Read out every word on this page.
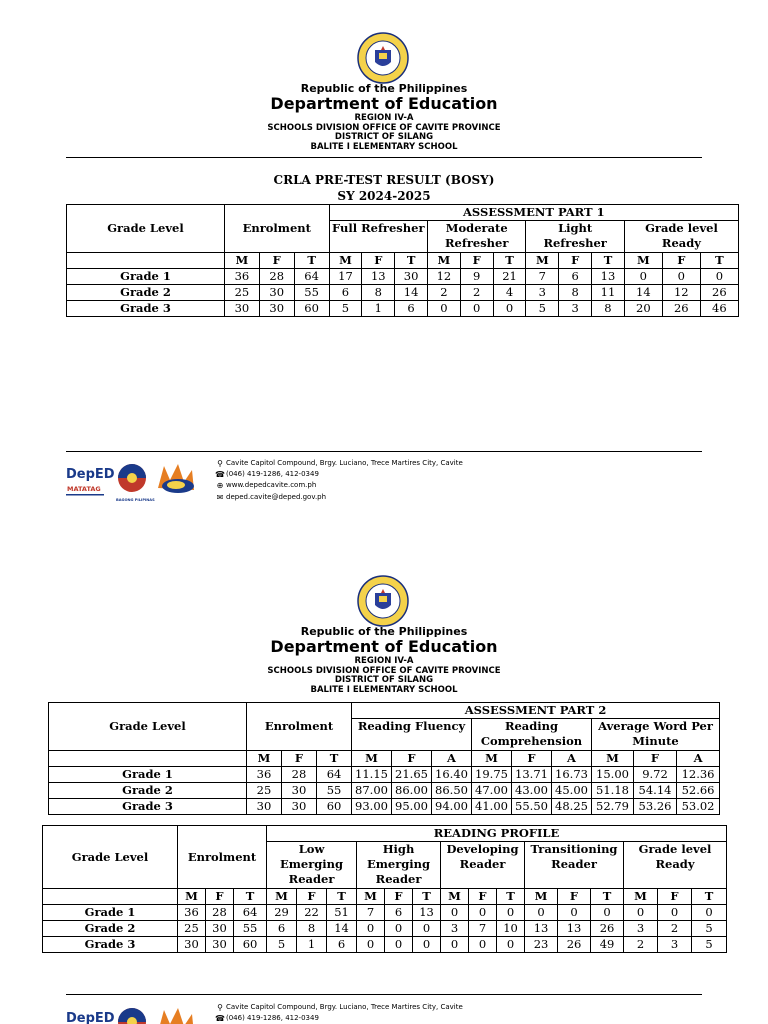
Republic of the Philippines
Department of Education
REGION IV-A
SCHOOLS DIVISION OFFICE OF CAVITE PROVINCE
DISTRICT OF SILANG
BALITE I ELEMENTARY SCHOOL
CRLA PRE-TEST RESULT (BOSY)
SY 2024-2025
Grade Level	Enrolment			ASSESSMENT PART 1											
				Full Refresher			Moderate Refresher			Light Refresher			Grade level Ready		
	M	F	T	M	F	T	M	F	T	M	F	T	M	F	T
Grade 1	36	28	64	17	13	30	12	9	21	7	6	13	0	0	0
Grade 2	25	30	55	6	8	14	2	2	4	3	8	11	14	12	26
Grade 3	30	30	60	5	1	6	0	0	0	5	3	8	20	26	46
DepED
MATATAG
BAGONG PILIPINAS
⚲ Cavite Capitol Compound, Brgy. Luciano, Trece Martires City, Cavite
☎ (046) 419-1286, 412-0349
⊕ www.depedcavite.com.ph
✉ deped.cavite@deped.gov.ph
Republic of the Philippines
Department of Education
REGION IV-A
SCHOOLS DIVISION OFFICE OF CAVITE PROVINCE
DISTRICT OF SILANG
BALITE I ELEMENTARY SCHOOL
Grade Level	Enrolment			ASSESSMENT PART 2								
				Reading Fluency			Reading Comprehension			Average Word Per Minute		
	M	F	T	M	F	A	M	F	A	M	F	A
Grade 1	36	28	64	11.15	21.65	16.40	19.75	13.71	16.73	15.00	9.72	12.36
Grade 2	25	30	55	87.00	86.00	86.50	47.00	43.00	45.00	51.18	54.14	52.66
Grade 3	30	30	60	93.00	95.00	94.00	41.00	55.50	48.25	52.79	53.26	53.02
Grade Level	Enrolment			READING PROFILE														
				Low Emerging Reader			High Emerging Reader			Developing Reader			Transitioning Reader			Grade level Ready		
	M	F	T	M	F	T	M	F	T	M	F	T	M	F	T	M	F	T
Grade 1	36	28	64	29	22	51	7	6	13	0	0	0	0	0	0	0	0	0
Grade 2	25	30	55	6	8	14	0	0	0	3	7	10	13	13	26	3	2	5
Grade 3	30	30	60	5	1	6	0	0	0	0	0	0	23	26	49	2	3	5
DepED
⚲ Cavite Capitol Compound, Brgy. Luciano, Trece Martires City, Cavite
☎ (046) 419-1286, 412-0349
